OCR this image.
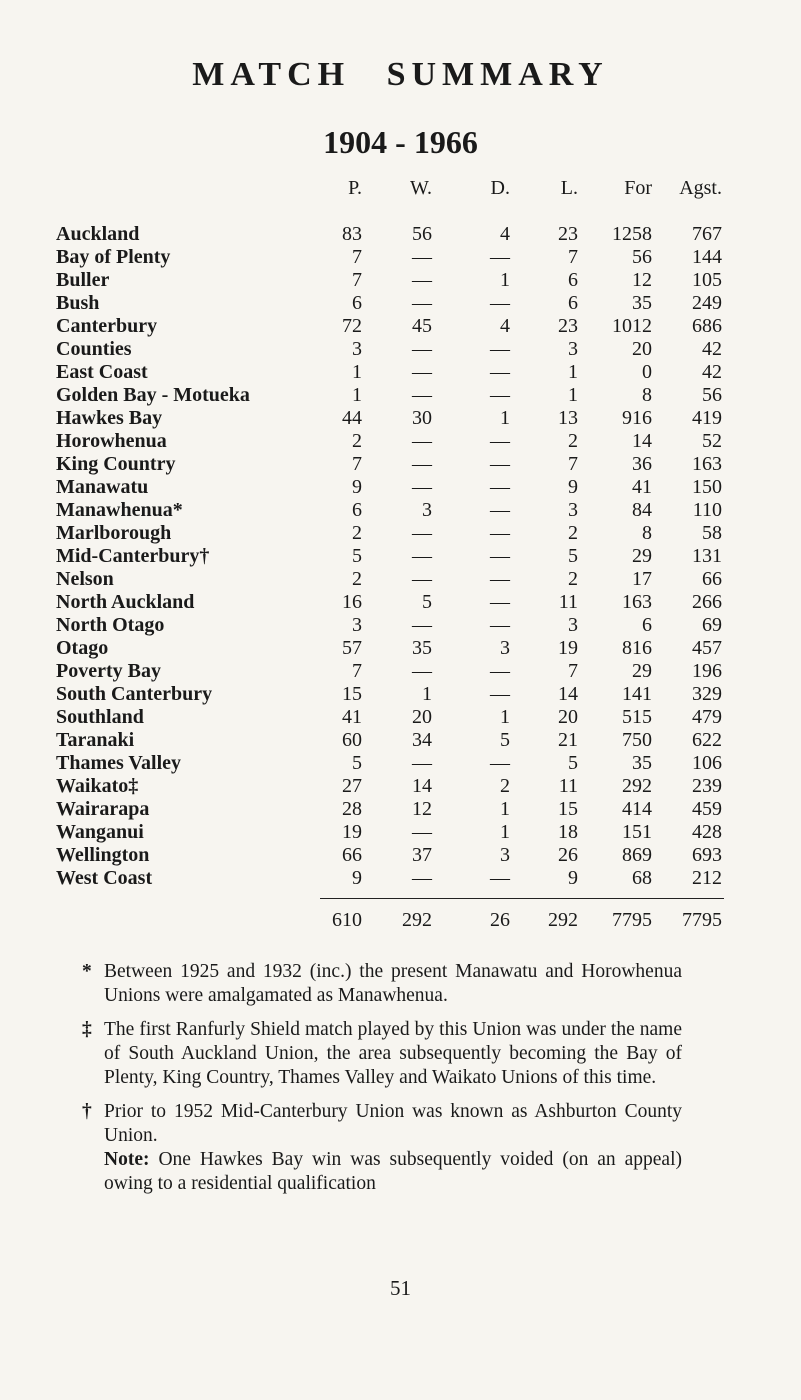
MATCH SUMMARY
1904 - 1966
P.	W.	D.	L.	For	Agst.
Auckland	83	56	4	23	1258	767
Bay of Plenty	7	—	—	7	56	144
Buller	7	—	1	6	12	105
Bush	6	—	—	6	35	249
Canterbury	72	45	4	23	1012	686
Counties	3	—	—	3	20	42
East Coast	1	—	—	1	0	42
Golden Bay - Motueka	1	—	—	1	8	56
Hawkes Bay	44	30	1	13	916	419
Horowhenua	2	—	—	2	14	52
King Country	7	—	—	7	36	163
Manawatu	9	—	—	9	41	150
Manawhenua*	6	3	—	3	84	110
Marlborough	2	—	—	2	8	58
Mid-Canterbury†	5	—	—	5	29	131
Nelson	2	—	—	2	17	66
North Auckland	16	5	—	11	163	266
North Otago	3	—	—	3	6	69
Otago	57	35	3	19	816	457
Poverty Bay	7	—	—	7	29	196
South Canterbury	15	1	—	14	141	329
Southland	41	20	1	20	515	479
Taranaki	60	34	5	21	750	622
Thames Valley	5	—	—	5	35	106
Waikato‡	27	14	2	11	292	239
Wairarapa	28	12	1	15	414	459
Wanganui	19	—	1	18	151	428
Wellington	66	37	3	26	869	693
West Coast	9	—	—	9	68	212
610	292	26	292	7795	7795
* Between 1925 and 1932 (inc.) the present Manawatu and Horowhenua Unions were amalgamated as Manawhenua.
‡ The first Ranfurly Shield match played by this Union was under the name of South Auckland Union, the area subsequently becoming the Bay of Plenty, King Country, Thames Valley and Waikato Unions of this time.
† Prior to 1952 Mid-Canterbury Union was known as Ashburton County Union.
Note: One Hawkes Bay win was subsequently voided (on an appeal) owing to a residential qualification
51
